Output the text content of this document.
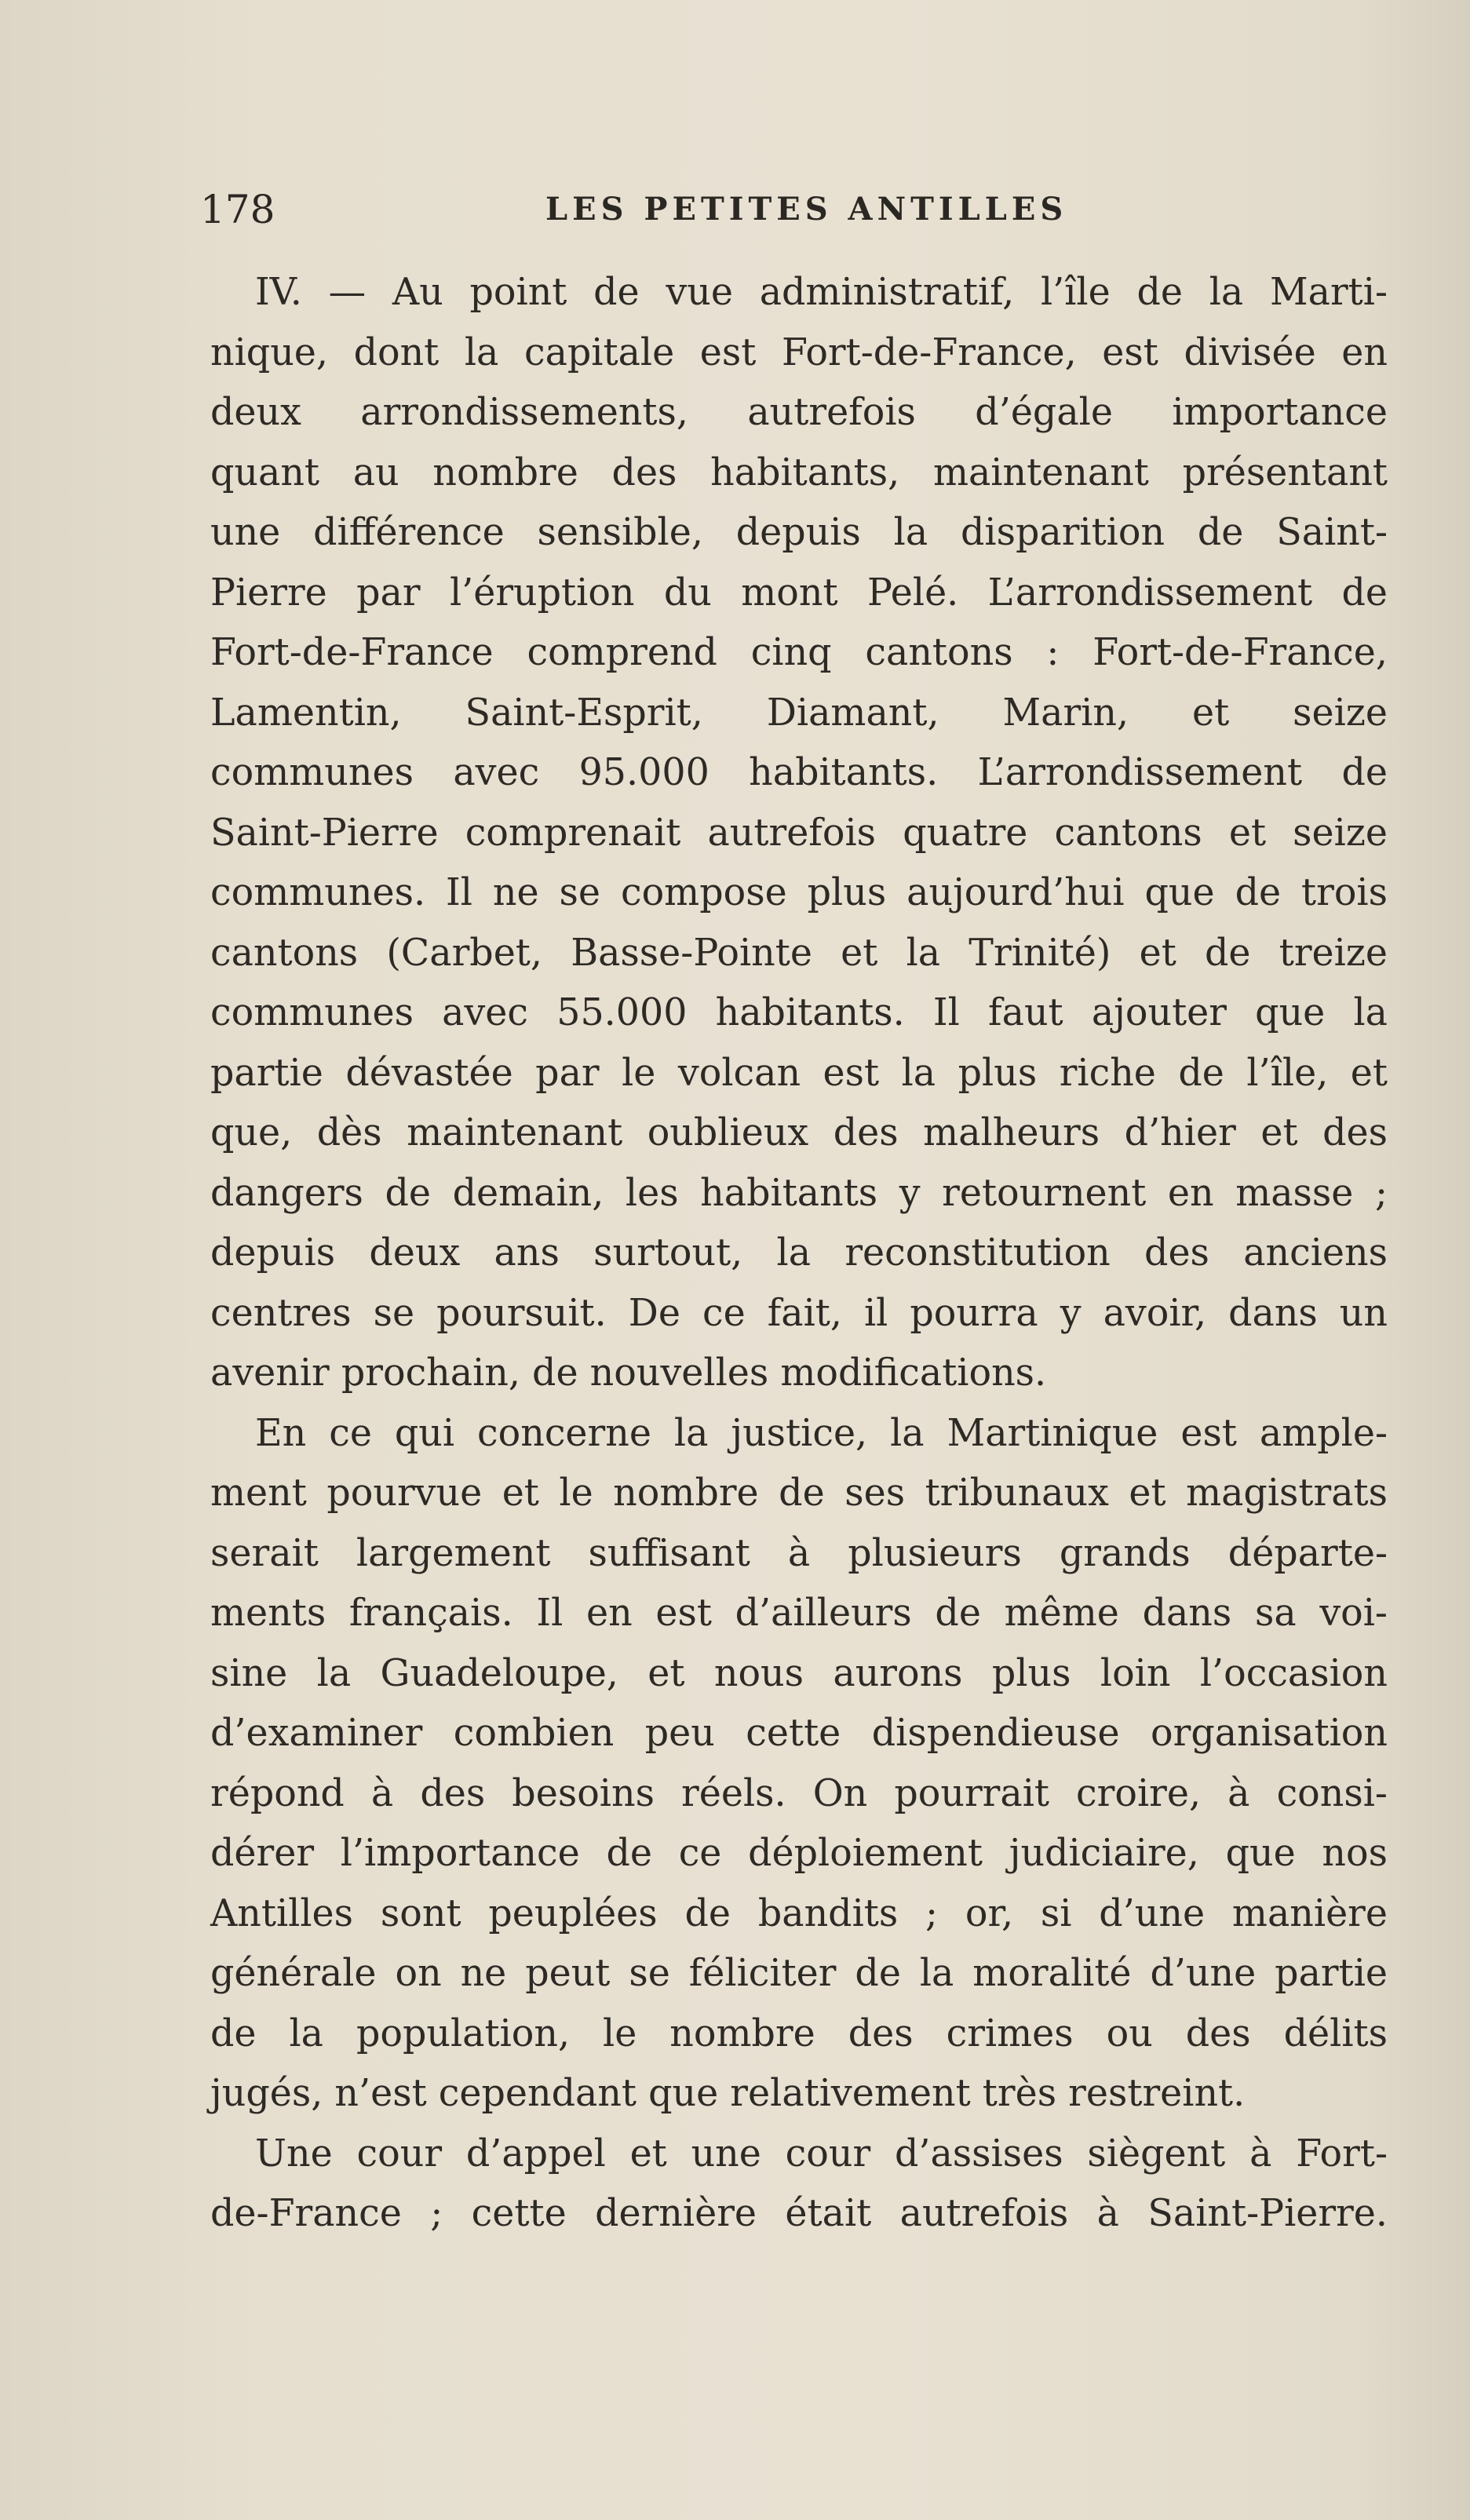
178	LES PETITES ANTILLES

IV. — Au point de vue administratif, l’île de la Marti-
nique, dont la capitale est Fort-de-France, est divisée en
deux arrondissements, autrefois d’égale importance
quant au nombre des habitants, maintenant présentant
une différence sensible, depuis la disparition de Saint-
Pierre par l’éruption du mont Pelé. L’arrondissement de
Fort-de-France comprend cinq cantons : Fort-de-France,
Lamentin, Saint-Esprit, Diamant, Marin, et seize
communes avec 95.000 habitants. L’arrondissement de
Saint-Pierre comprenait autrefois quatre cantons et seize
communes. Il ne se compose plus aujourd’hui que de trois
cantons (Carbet, Basse-Pointe et la Trinité) et de treize
communes avec 55.000 habitants. Il faut ajouter que la
partie dévastée par le volcan est la plus riche de l’île, et
que, dès maintenant oublieux des malheurs d’hier et des
dangers de demain, les habitants y retournent en masse ;
depuis deux ans surtout, la reconstitution des anciens
centres se poursuit. De ce fait, il pourra y avoir, dans un
avenir prochain, de nouvelles modifications.

En ce qui concerne la justice, la Martinique est ample-
ment pourvue et le nombre de ses tribunaux et magistrats
serait largement suffisant à plusieurs grands départe-
ments français. Il en est d’ailleurs de même dans sa voi-
sine la Guadeloupe, et nous aurons plus loin l’occasion
d’examiner combien peu cette dispendieuse organisation
répond à des besoins réels. On pourrait croire, à consi-
dérer l’importance de ce déploiement judiciaire, que nos
Antilles sont peuplées de bandits ; or, si d’une manière
générale on ne peut se féliciter de la moralité d’une partie
de la population, le nombre des crimes ou des délits
jugés, n’est cependant que relativement très restreint.

Une cour d’appel et une cour d’assises siègent à Fort-
de-France ; cette dernière était autrefois à Saint-Pierre.
